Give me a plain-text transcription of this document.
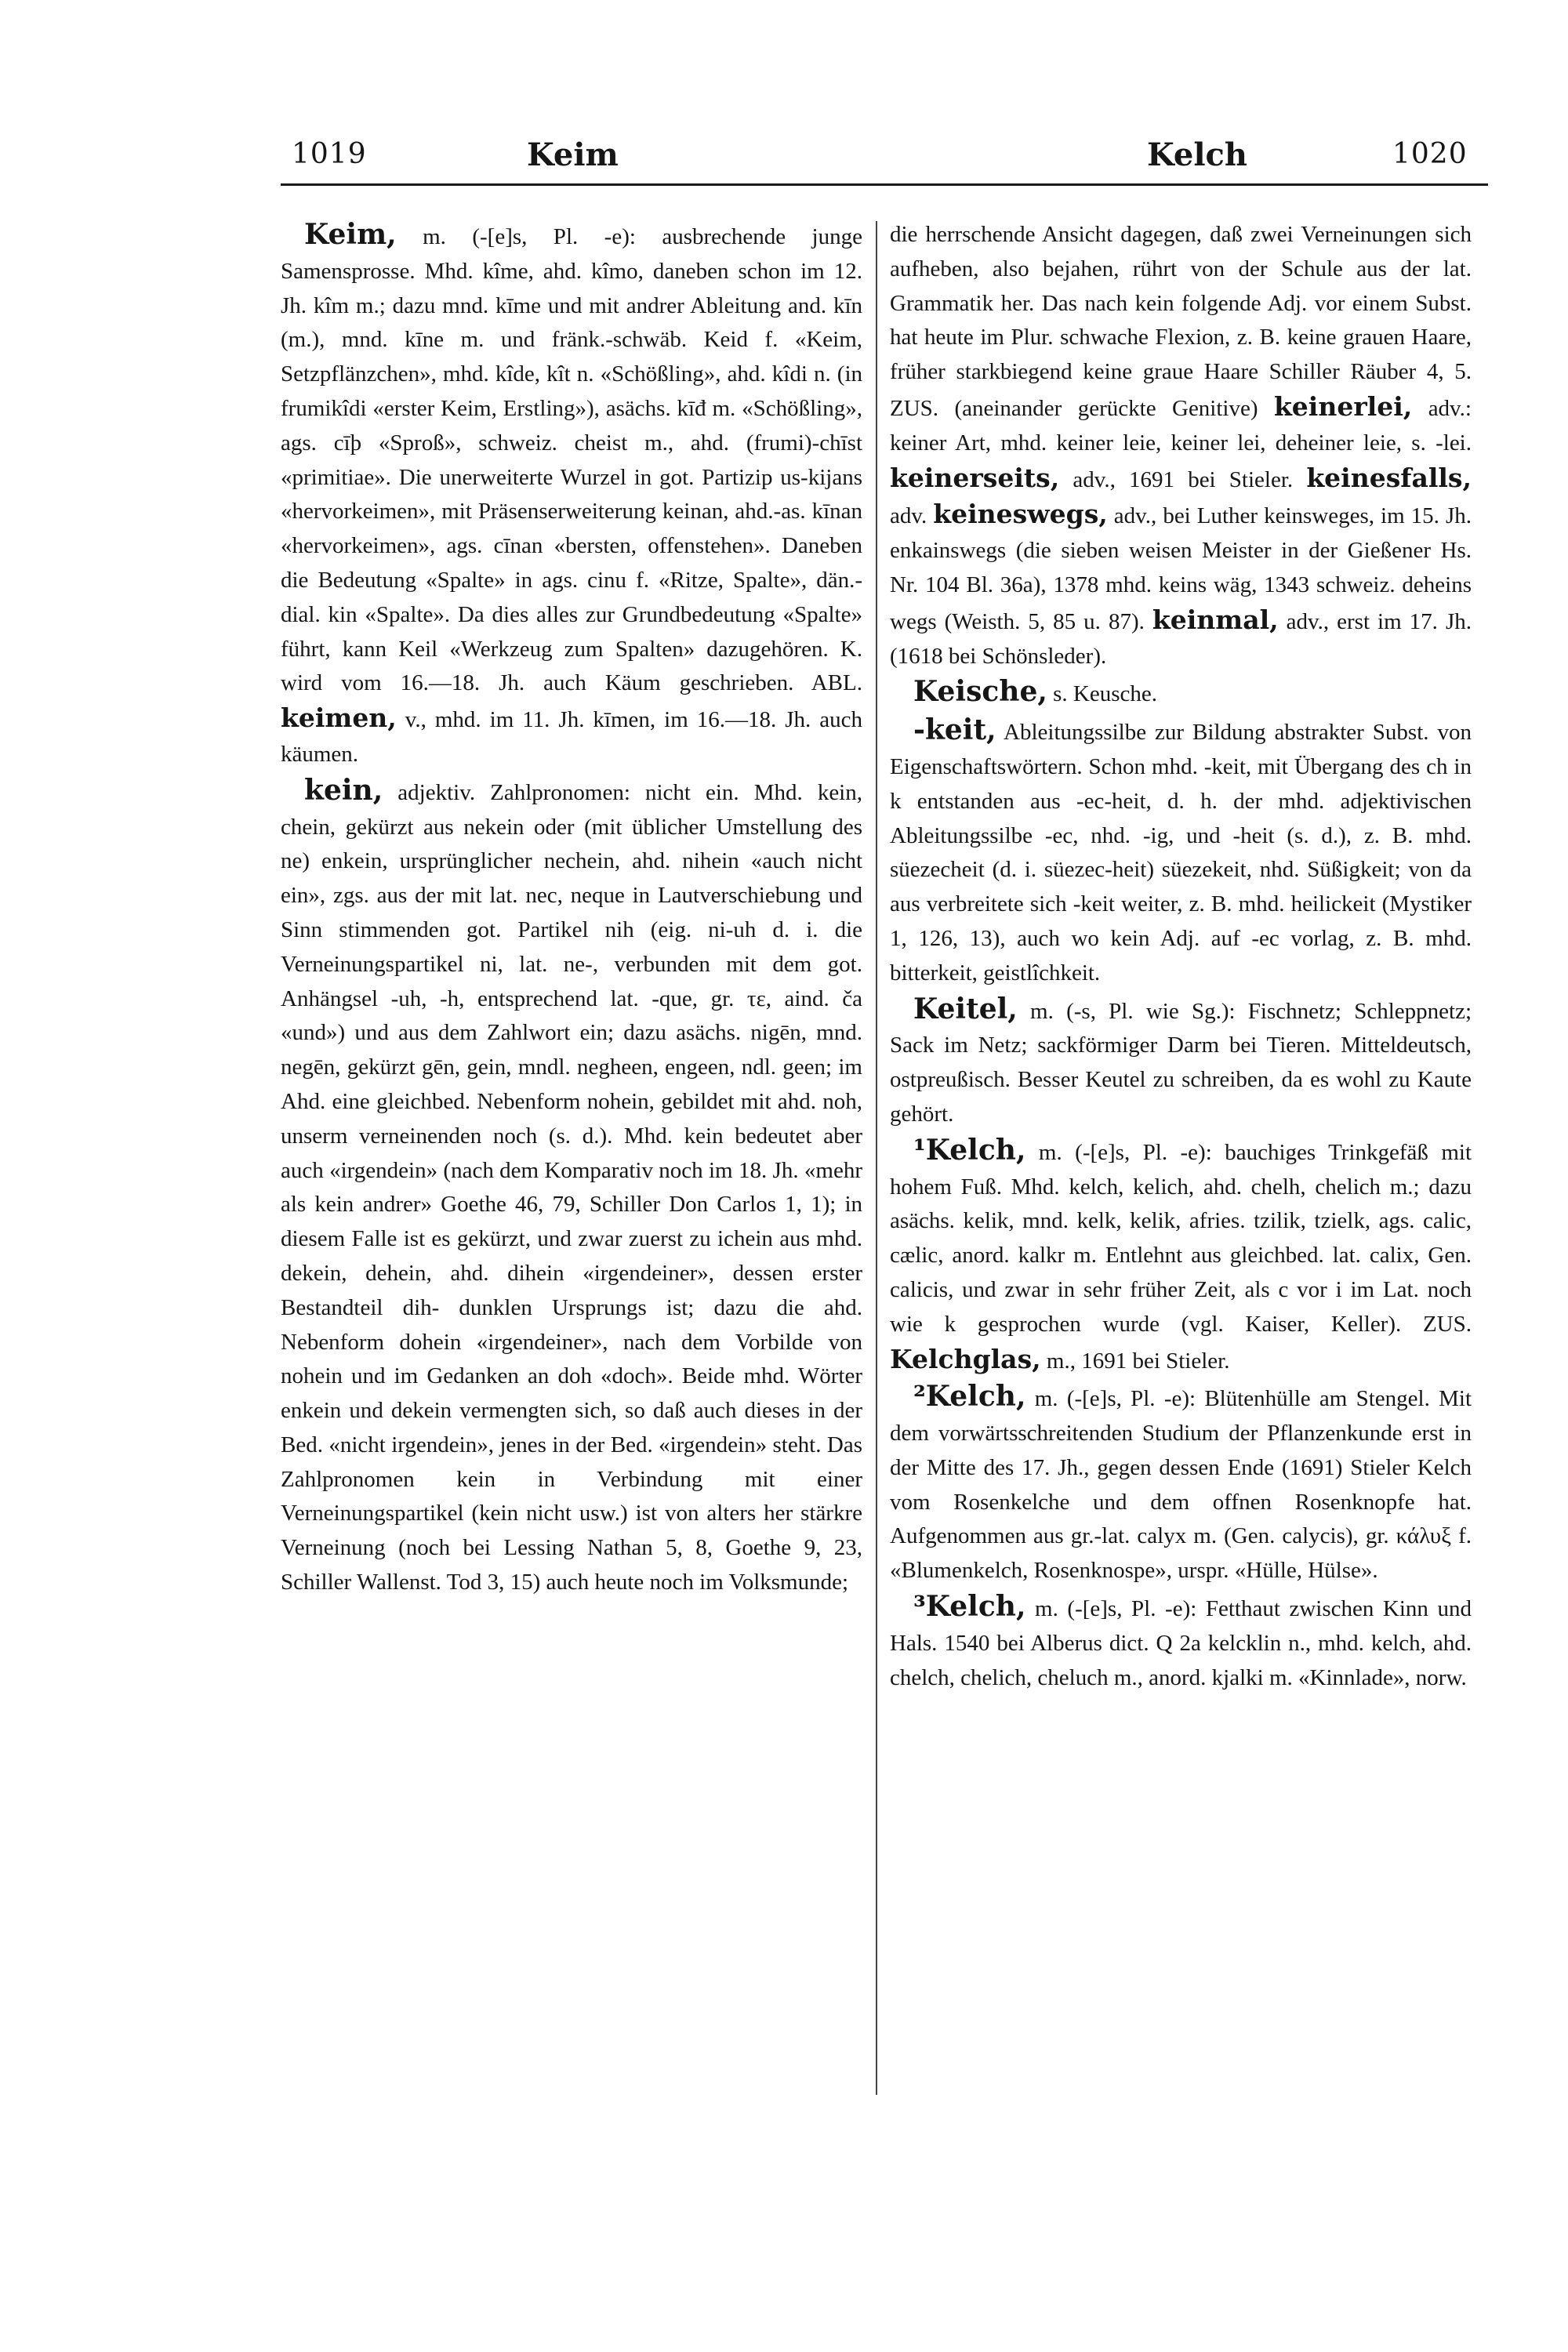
1019	Keim	Kelch	1020

Keim, m. (-[e]s, Pl. -e): ausbrechende junge Samensprosse. Mhd. kîme, ahd. kîmo, daneben schon im 12. Jh. kîm m.; dazu mnd. kīme und mit andrer Ableitung and. kīn (m.), mnd. kīne m. und fränk.-schwäb. Keid f. «Keim, Setzpflänzchen», mhd. kîde, kît n. «Schößling», ahd. kîdi n. (in frumikîdi «erster Keim, Erstling»), asächs. kīđ m. «Schößling», ags. cīþ «Sproß», schweiz. cheist m., ahd. (frumi)-chīst «primitiae». Die unerweiterte Wurzel in got. Partizip us-kijans «hervorkeimen», mit Präsenserweiterung keinan, ahd.-as. kīnan «hervorkeimen», ags. cīnan «bersten, offenstehen». Daneben die Bedeutung «Spalte» in ags. cinu f. «Ritze, Spalte», dän.-dial. kin «Spalte». Da dies alles zur Grundbedeutung «Spalte» führt, kann Keil «Werkzeug zum Spalten» dazugehören. K. wird vom 16.—18. Jh. auch Käum geschrieben. ABL. keimen, v., mhd. im 11. Jh. kīmen, im 16.—18. Jh. auch käumen.

kein, adjektiv. Zahlpronomen: nicht ein. Mhd. kein, chein, gekürzt aus nekein oder (mit üblicher Umstellung des ne) enkein, ursprünglicher nechein, ahd. nihein «auch nicht ein», zgs. aus der mit lat. nec, neque in Lautverschiebung und Sinn stimmenden got. Partikel nih (eig. ni-uh d. i. die Verneinungspartikel ni, lat. ne-, verbunden mit dem got. Anhängsel -uh, -h, entsprechend lat. -que, gr. τε, aind. ča «und») und aus dem Zahlwort ein; dazu asächs. nigēn, mnd. negēn, gekürzt gēn, gein, mndl. negheen, engeen, ndl. geen; im Ahd. eine gleichbed. Nebenform nohein, gebildet mit ahd. noh, unserm verneinenden noch (s. d.). Mhd. kein bedeutet aber auch «irgendein» (nach dem Komparativ noch im 18. Jh. «mehr als kein andrer» Goethe 46, 79, Schiller Don Carlos 1, 1); in diesem Falle ist es gekürzt, und zwar zuerst zu ichein aus mhd. dekein, dehein, ahd. dihein «irgendeiner», dessen erster Bestandteil dih- dunklen Ursprungs ist; dazu die ahd. Nebenform dohein «irgendeiner», nach dem Vorbilde von nohein und im Gedanken an doh «doch». Beide mhd. Wörter enkein und dekein vermengten sich, so daß auch dieses in der Bed. «nicht irgendein», jenes in der Bed. «irgendein» steht. Das Zahlpronomen kein in Verbindung mit einer Verneinungspartikel (kein nicht usw.) ist von alters her stärkre Verneinung (noch bei Lessing Nathan 5, 8, Goethe 9, 23, Schiller Wallenst. Tod 3, 15) auch heute noch im Volksmunde;

die herrschende Ansicht dagegen, daß zwei Verneinungen sich aufheben, also bejahen, rührt von der Schule aus der lat. Grammatik her. Das nach kein folgende Adj. vor einem Subst. hat heute im Plur. schwache Flexion, z. B. keine grauen Haare, früher starkbiegend keine graue Haare Schiller Räuber 4, 5. ZUS. (aneinander gerückte Genitive) keinerlei, adv.: keiner Art, mhd. keiner leie, keiner lei, deheiner leie, s. -lei. keinerseits, adv., 1691 bei Stieler. keinesfalls, adv. keineswegs, adv., bei Luther keinsweges, im 15. Jh. enkainswegs (die sieben weisen Meister in der Gießener Hs. Nr. 104 Bl. 36a), 1378 mhd. keins wäg, 1343 schweiz. deheins wegs (Weisth. 5, 85 u. 87). keinmal, adv., erst im 17. Jh. (1618 bei Schönsleder).

Keische, s. Keusche.

-keit, Ableitungssilbe zur Bildung abstrakter Subst. von Eigenschaftswörtern. Schon mhd. -keit, mit Übergang des ch in k entstanden aus -ec-heit, d. h. der mhd. adjektivischen Ableitungssilbe -ec, nhd. -ig, und -heit (s. d.), z. B. mhd. süezecheit (d. i. süezec-heit) süezekeit, nhd. Süßigkeit; von da aus verbreitete sich -keit weiter, z. B. mhd. heilickeit (Mystiker 1, 126, 13), auch wo kein Adj. auf -ec vorlag, z. B. mhd. bitterkeit, geistlîchkeit.

Keitel, m. (-s, Pl. wie Sg.): Fischnetz; Schleppnetz; Sack im Netz; sackförmiger Darm bei Tieren. Mitteldeutsch, ostpreußisch. Besser Keutel zu schreiben, da es wohl zu Kaute gehört.

¹Kelch, m. (-[e]s, Pl. -e): bauchiges Trinkgefäß mit hohem Fuß. Mhd. kelch, kelich, ahd. chelh, chelich m.; dazu asächs. kelik, mnd. kelk, kelik, afries. tzilik, tzielk, ags. calic, cælic, anord. kalkr m. Entlehnt aus gleichbed. lat. calix, Gen. calicis, und zwar in sehr früher Zeit, als c vor i im Lat. noch wie k gesprochen wurde (vgl. Kaiser, Keller). ZUS. Kelchglas, m., 1691 bei Stieler.

²Kelch, m. (-[e]s, Pl. -e): Blütenhülle am Stengel. Mit dem vorwärtsschreitenden Studium der Pflanzenkunde erst in der Mitte des 17. Jh., gegen dessen Ende (1691) Stieler Kelch vom Rosenkelche und dem offnen Rosenknopfe hat. Aufgenommen aus gr.-lat. calyx m. (Gen. calycis), gr. κάλυξ f. «Blumenkelch, Rosenknospe», urspr. «Hülle, Hülse».

³Kelch, m. (-[e]s, Pl. -e): Fetthaut zwischen Kinn und Hals. 1540 bei Alberus dict. Q 2a kelcklin n., mhd. kelch, ahd. chelch, chelich, cheluch m., anord. kjalki m. «Kinnlade», norw.
